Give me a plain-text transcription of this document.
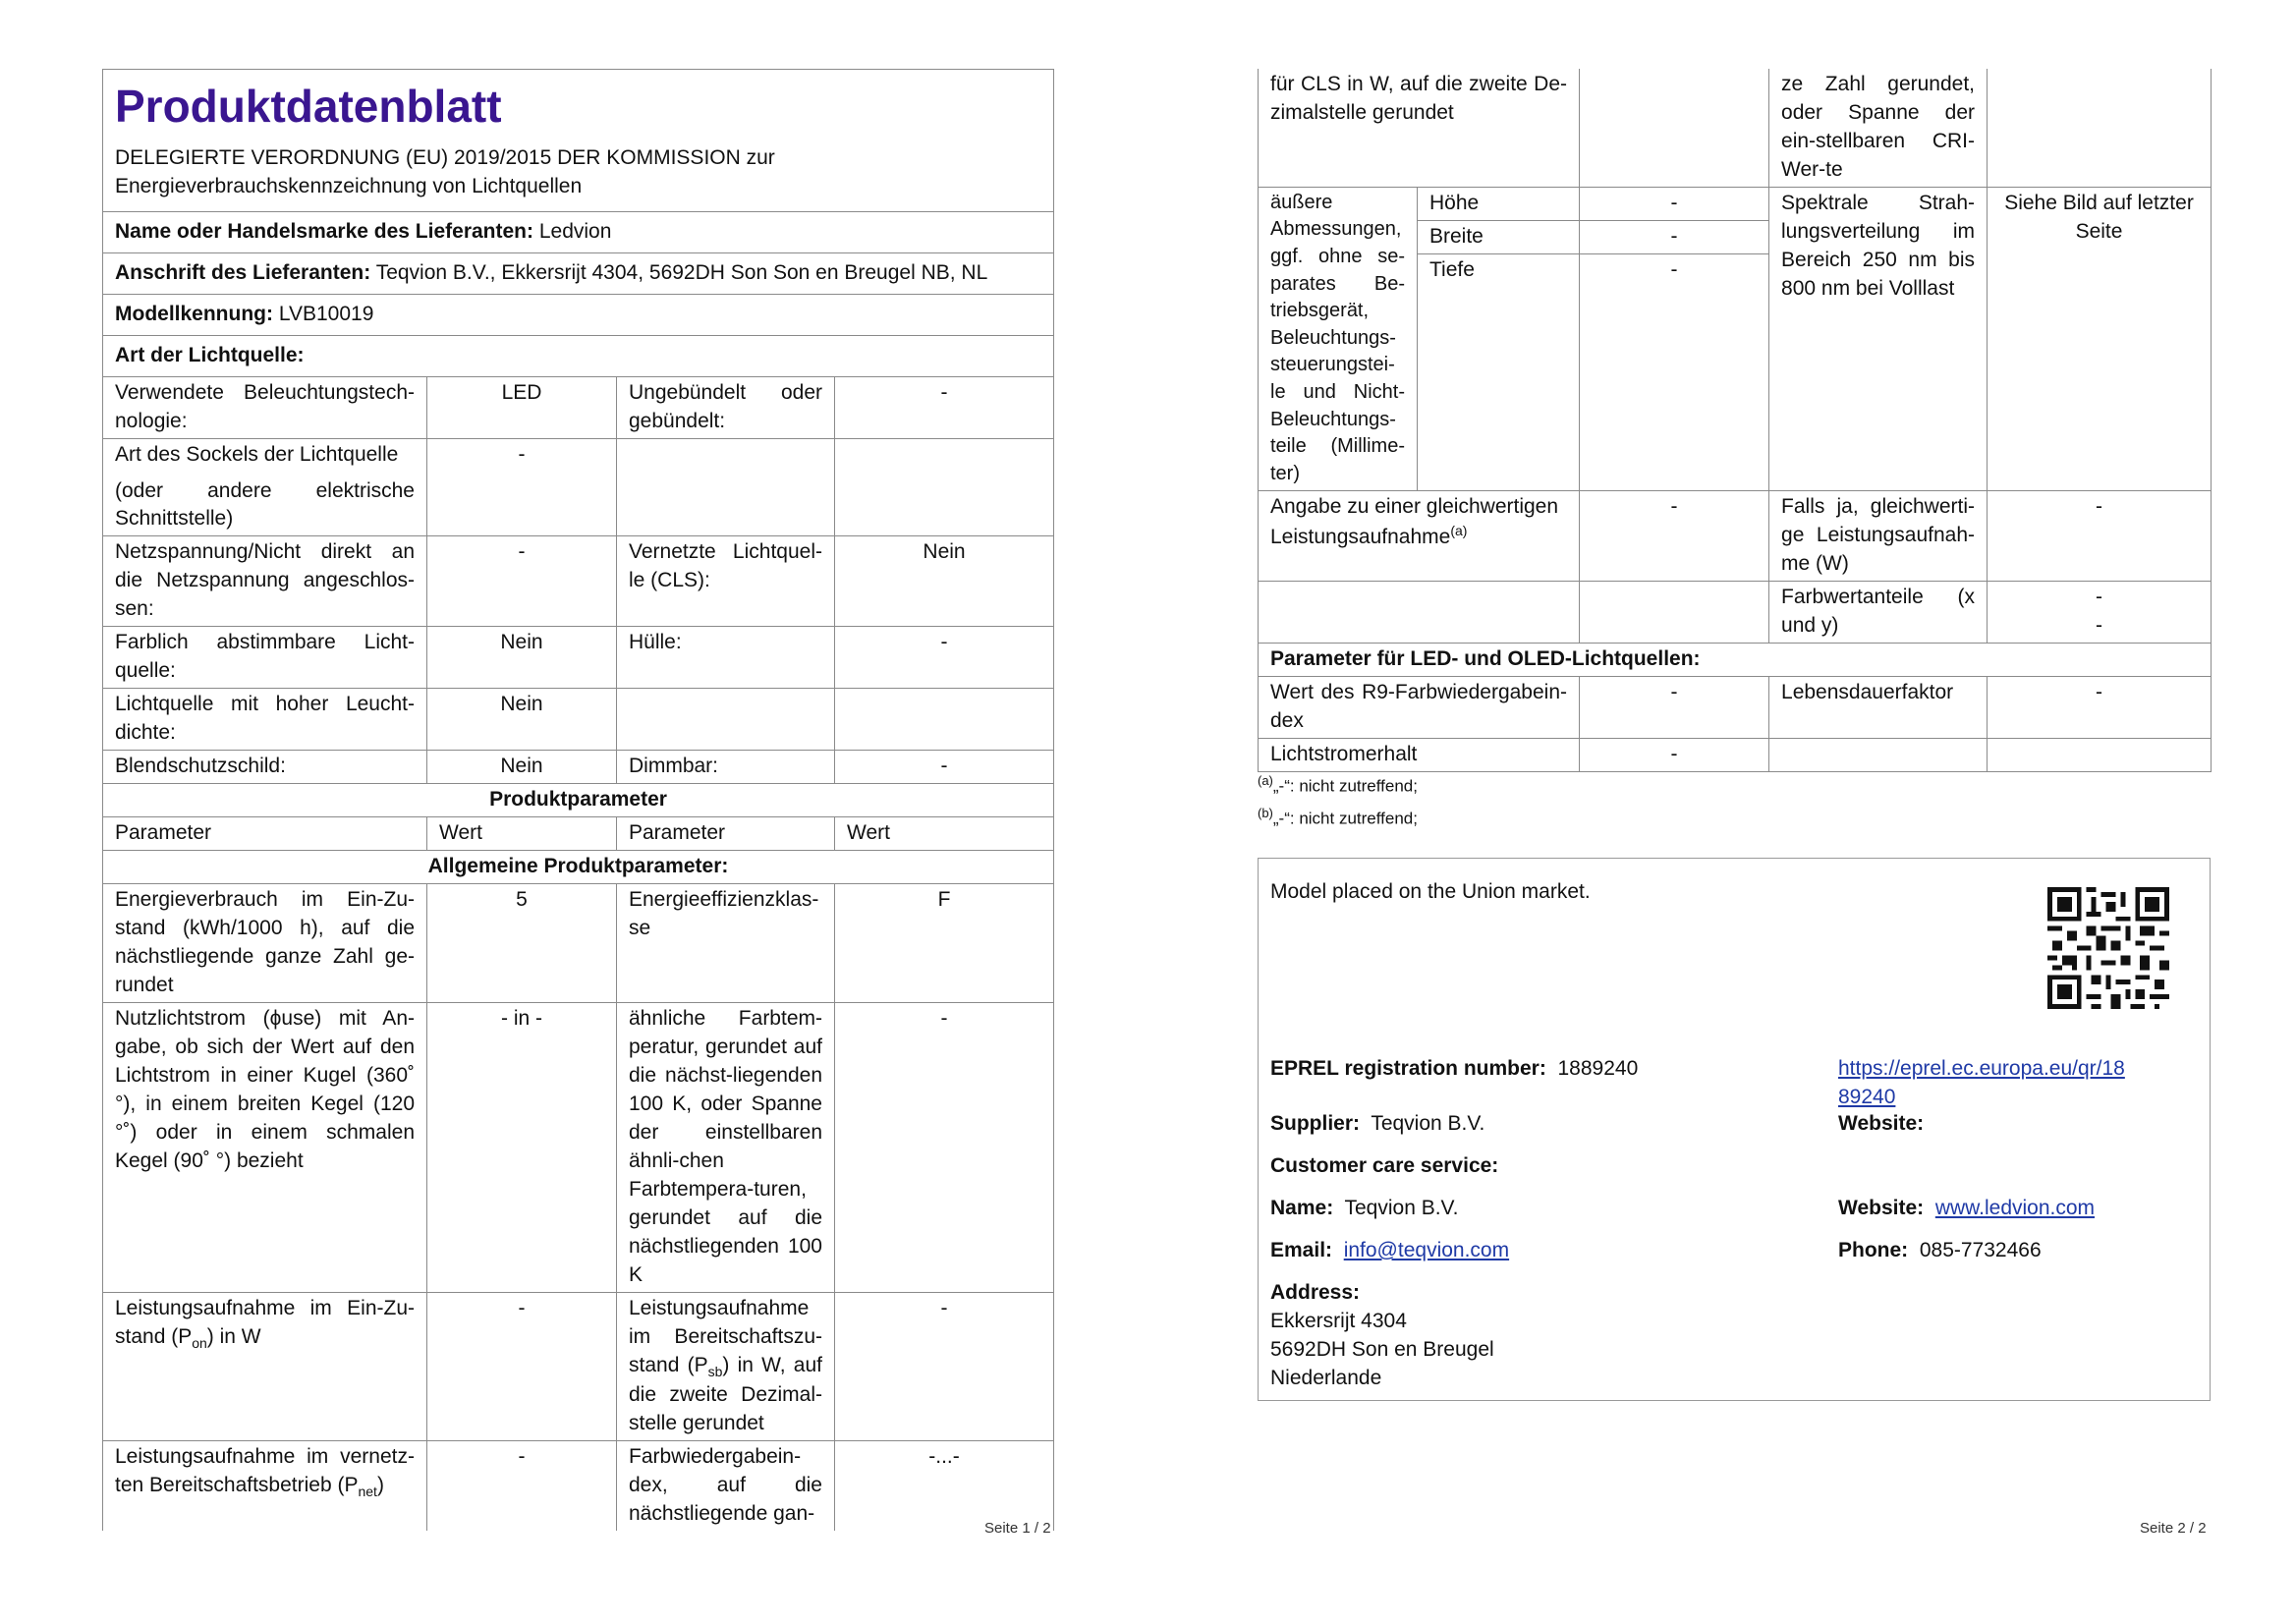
Produktdatenblatt
DELEGIERTE VERORDNUNG (EU) 2019/2015 DER KOMMISSION zur Energieverbrauchskennzeichnung von Lichtquellen			

Name oder Handelsmarke des Lieferanten: Ledvion			
Anschrift des Lieferanten: Teqvion B.V., Ekkersrijt 4304, 5692DH Son Son en Breugel NB, NL			
Modellkennung: LVB10019			
Art der Lichtquelle:			
Verwendete Beleuchtungstech-nologie:	LED	Ungebündelt oder gebündelt:	-

Art des Sockels der Lichtquelle
(oder andere elektrische Schnittstelle)	-		
Netzspannung/Nicht direkt an die Netzspannung angeschlos-sen:	-	Vernetzte Lichtquel-le (CLS):	Nein
Farblich abstimmbare Licht-quelle:	Nein	Hülle:	-
Lichtquelle mit hoher Leucht-dichte:	Nein		
Blendschutzschild:	Nein	Dimmbar:	-
Produktparameter			
Parameter	Wert	Parameter	Wert
Allgemeine Produktparameter:			
Energieverbrauch im Ein-Zu-stand (kWh/1000 h), auf die nächstliegende ganze Zahl ge-rundet	5	Energieeffizienzklas-se	F
Nutzlichtstrom (ϕuse) mit An-gabe, ob sich der Wert auf den Lichtstrom in einer Kugel (360˚ °), in einem breiten Kegel (120 °˚) oder in einem schmalen Kegel (90˚ °) bezieht	- in -	ähnliche Farbtem-peratur, gerundet auf die nächst-liegenden 100 K, oder Spanne der einstellbaren ähnli-chen Farbtempera-turen, gerundet auf die nächstliegenden 100 K	-
Leistungsaufnahme im Ein-Zu-stand $(P_{on})$ in W	-	Leistungsaufnahme im Bereitschaftszu-stand $(P_{sb})$ in W, auf die zweite Dezimal-stelle gerundet	-
Leistungsaufnahme im vernetz-ten Bereitschaftsbetrieb $(P_{net})$	-	Farbwiedergabein-dex, auf die nächstliegende gan-	-...-
Seite 1 / 2
für CLS in W, auf die zweite De-zimalstelle gerundet			ze Zahl gerundet, oder Spanne der ein-stellbaren CRI-Wer-te	
äußere Abmessungen, ggf. ohne se-parates Be-triebsgerät, Beleuchtungs-steuerungstei-le und Nicht-Beleuchtungs-teile (Millime-ter)	Höhe	-	Spektrale Strah-lungsverteilung im Bereich 250 nm bis 800 nm bei Volllast	Siehe Bild auf letzter Seite
	Breite	-		
	Tiefe	-		
Angabe zu einer gleichwertigen Leistungsaufnahme$^{(a)}$		-	Falls ja, gleichwerti-ge Leistungsaufnah-me (W)	-
			Farbwertanteile (x und y)	-
-

Parameter für LED- und OLED-Lichtquellen:				
Wert des R9-Farbwiedergabein-dex		-	Lebensdauerfaktor	-
Lichtstromerhalt		-		
$^{(a)}$„-“: nicht zutreffend;
$^{(b)}$„-“: nicht zutreffend;
Model placed on the Union market.
EPREL registration number: 1889240	https://eprel.ec.europa.eu/qr/18
89240
Supplier: Teqvion B.V.	Website:
Customer care service:
Name: Teqvion B.V.	Website: www.ledvion.com
Email: info@teqvion.com	Phone: 085-7732466
Address:
Ekkersrijt 4304
5692DH Son en Breugel
Niederlande
Seite 2 / 2
